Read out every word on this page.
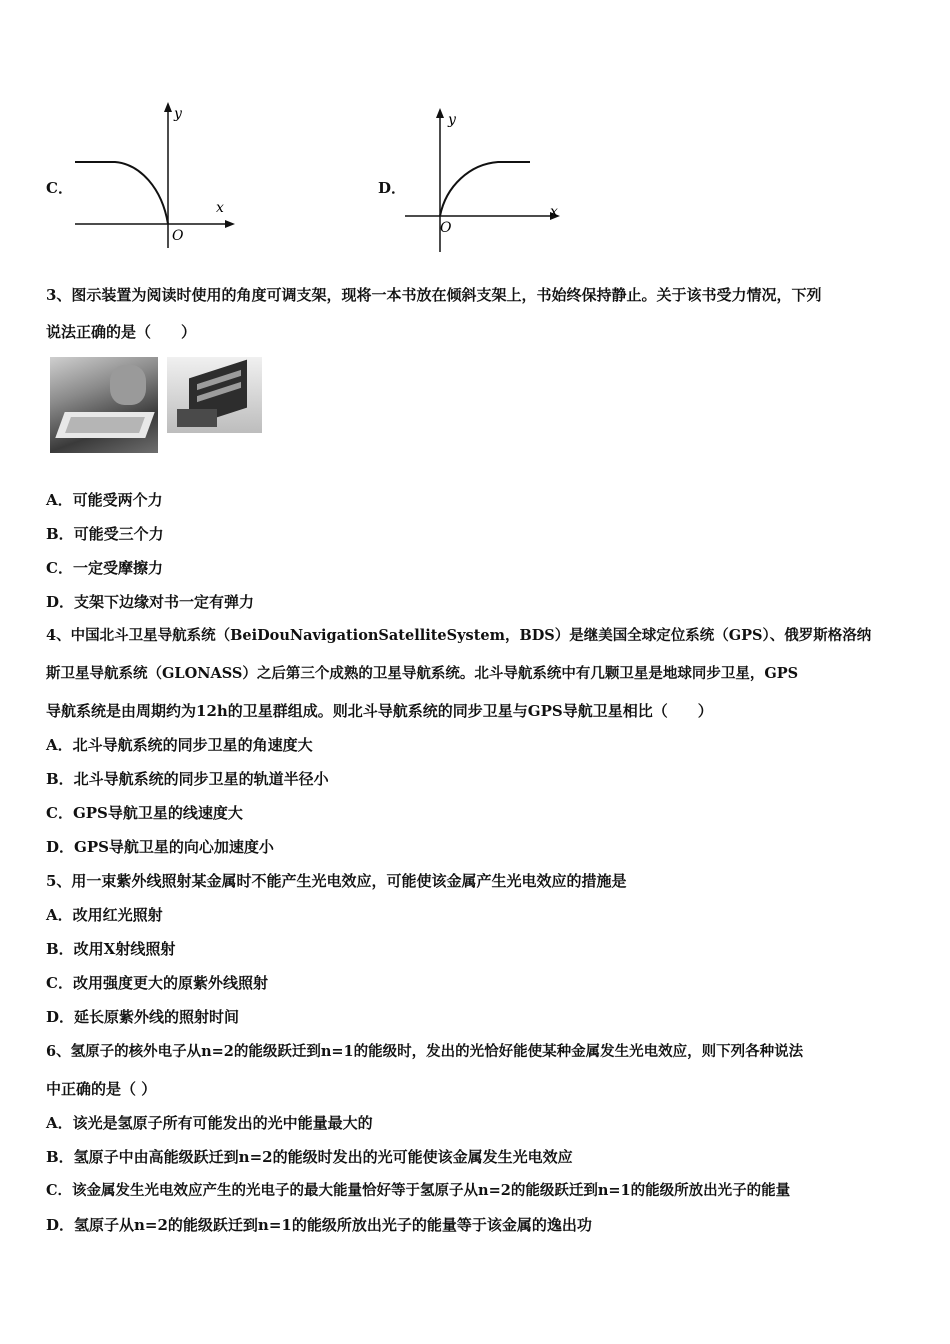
C．
y
x
O
D．
y
x
O
3、图示装置为阅读时使用的角度可调支架，现将一本书放在倾斜支架上，书始终保持静止。关于该书受力情况，下列
说法正确的是（　　）
A．可能受两个力
B．可能受三个力
C．一定受摩擦力
D．支架下边缘对书一定有弹力
4、中国北斗卫星导航系统（BeiDouNavigationSatelliteSystem，BDS）是继美国全球定位系统（GPS）、俄罗斯格洛纳
斯卫星导航系统（GLONASS）之后第三个成熟的卫星导航系统。北斗导航系统中有几颗卫星是地球同步卫星，GPS
导航系统是由周期约为12h的卫星群组成。则北斗导航系统的同步卫星与GPS导航卫星相比（　　）
A．北斗导航系统的同步卫星的角速度大
B．北斗导航系统的同步卫星的轨道半径小
C．GPS导航卫星的线速度大
D．GPS导航卫星的向心加速度小
5、用一束紫外线照射某金属时不能产生光电效应，可能使该金属产生光电效应的措施是
A．改用红光照射
B．改用X射线照射
C．改用强度更大的原紫外线照射
D．延长原紫外线的照射时间
6、氢原子的核外电子从n=2的能级跃迁到n=1的能级时，发出的光恰好能使某种金属发生光电效应，则下列各种说法
中正确的是（ ）
A．该光是氢原子所有可能发出的光中能量最大的
B．氢原子中由高能级跃迁到n=2的能级时发出的光可能使该金属发生光电效应
C．该金属发生光电效应产生的光电子的最大能量恰好等于氢原子从n=2的能级跃迁到n=1的能级所放出光子的能量
D．氢原子从n=2的能级跃迁到n=1的能级所放出光子的能量等于该金属的逸出功
